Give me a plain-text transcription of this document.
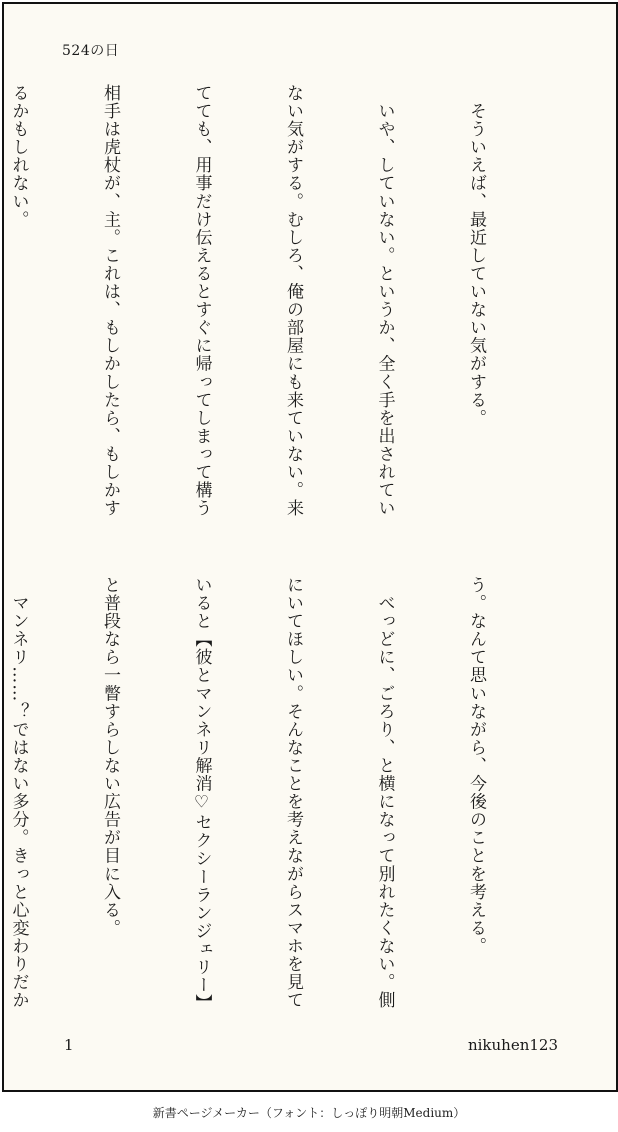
524の日

　そういえば、最近していない気がする。

　いや、していない。というか、全く手を出されてい

ない気がする。むしろ、俺の部屋にも来ていない。来

てても、用事だけ伝えるとすぐに帰ってしまって構う

相手は虎杖が、主。これは、もしかしたら、もしかす

るかもしれない。

う。なんて思いながら、今後のことを考える。

　べっどに、ごろり、と横になって別れたくない。側

にいてほしい。そんなことを考えながらスマホを見て

いると【彼とマンネリ解消♡セクシーランジェリー】

と普段なら一瞥すらしない広告が目に入る。

　マンネリ……？ではない多分。きっと心変わりだか

1	nikuhen123
新書ページメーカー（フォント：しっぽり明朝Medium）
